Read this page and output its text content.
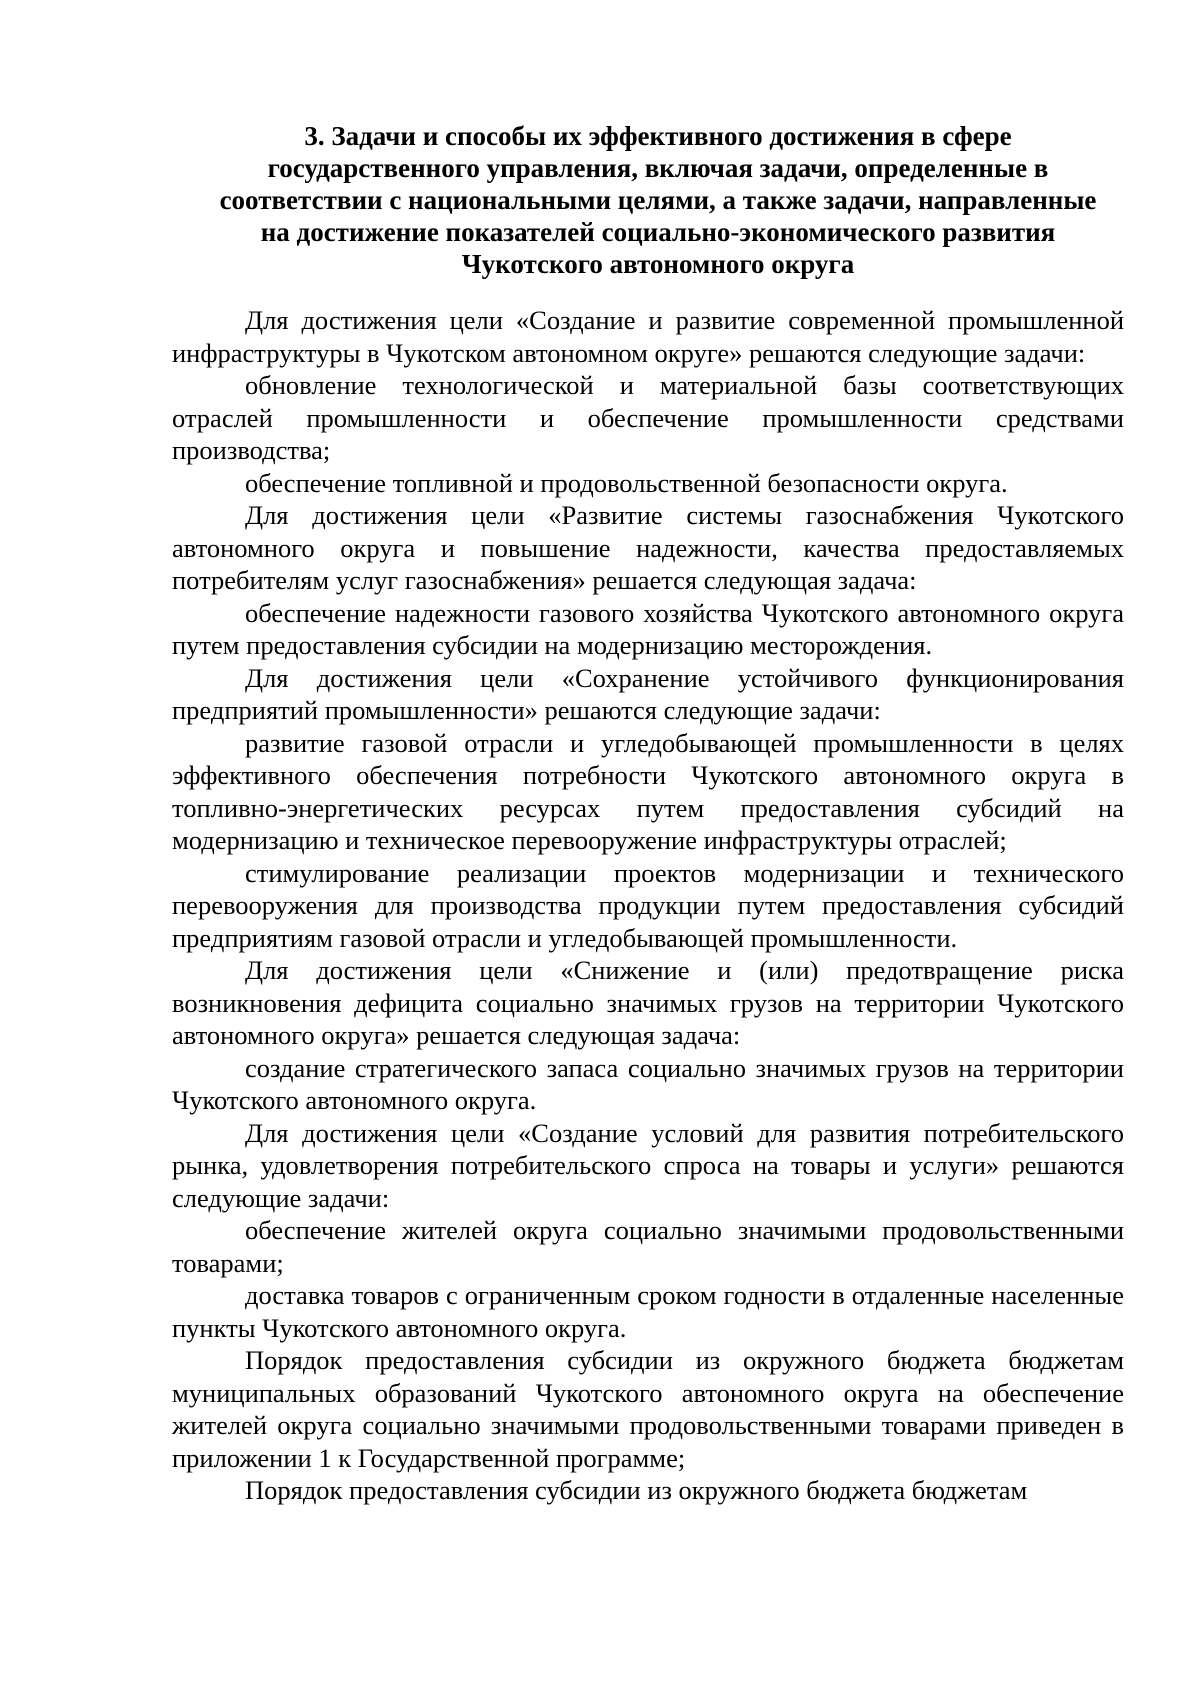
3. Задачи и способы их эффективного достижения в сфере
государственного управления, включая задачи, определенные в
соответствии с национальными целями, а также задачи, направленные
на достижение показателей социально-экономического развития
Чукотского автономного округа

Для достижения цели «Создание и развитие современной промышленной инфраструктуры в Чукотском автономном округе» решаются следующие задачи:

обновление технологической и материальной базы соответствующих отраслей промышленности и обеспечение промышленности средствами производства;

обеспечение топливной и продовольственной безопасности округа.

Для достижения цели «Развитие системы газоснабжения Чукотского автономного округа и повышение надежности, качества предоставляемых потребителям услуг газоснабжения» решается следующая задача:

обеспечение надежности газового хозяйства Чукотского автономного округа путем предоставления субсидии на модернизацию месторождения.

Для достижения цели «Сохранение устойчивого функционирования предприятий промышленности» решаются следующие задачи:

развитие газовой отрасли и угледобывающей промышленности в целях эффективного обеспечения потребности Чукотского автономного округа в топливно-энергетических ресурсах путем предоставления субсидий на модернизацию и техническое перевооружение инфраструктуры отраслей;

стимулирование реализации проектов модернизации и технического перевооружения для производства продукции путем предоставления субсидий предприятиям газовой отрасли и угледобывающей промышленности.

Для достижения цели «Снижение и (или) предотвращение риска возникновения дефицита социально значимых грузов на территории Чукотского автономного округа» решается следующая задача:

создание стратегического запаса социально значимых грузов на территории Чукотского автономного округа.

Для достижения цели «Создание условий для развития потребительского рынка, удовлетворения потребительского спроса на товары и услуги» решаются следующие задачи:

обеспечение жителей округа социально значимыми продовольственными товарами;

доставка товаров с ограниченным сроком годности в отдаленные населенные пункты Чукотского автономного округа.

Порядок предоставления субсидии из окружного бюджета бюджетам муниципальных образований Чукотского автономного округа на обеспечение жителей округа социально значимыми продовольственными товарами приведен в приложении 1 к Государственной программе;

Порядок предоставления субсидии из окружного бюджета бюджетам
